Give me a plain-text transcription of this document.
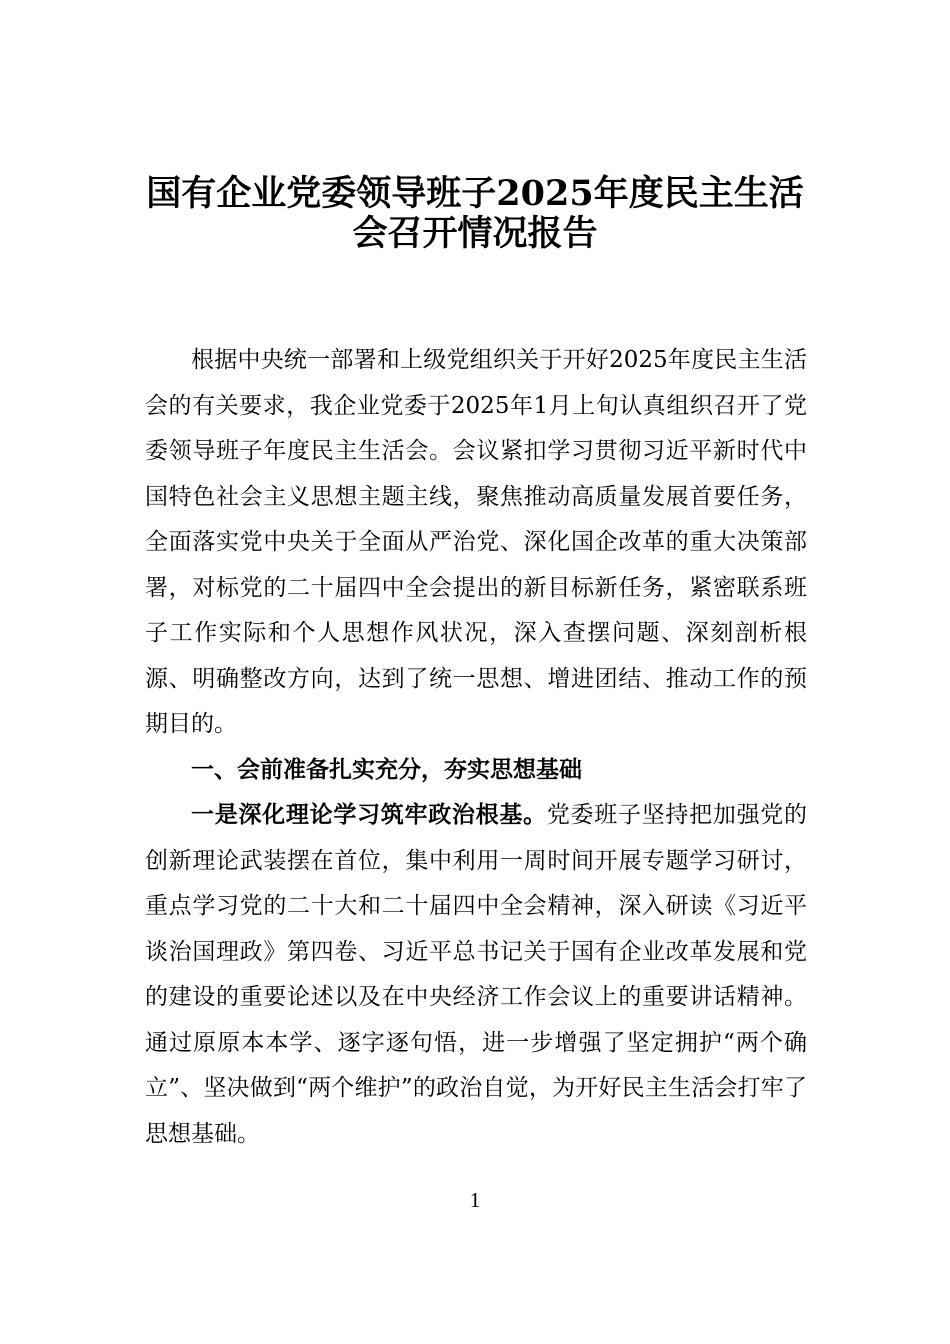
国有企业党委领导班子2025年度民主生活
会召开情况报告

根据中央统一部署和上级党组织关于开好2025年度民主生活会的有关要求，我企业党委于2025年1月上旬认真组织召开了党委领导班子年度民主生活会。会议紧扣学习贯彻习近平新时代中国特色社会主义思想主题主线，聚焦推动高质量发展首要任务，全面落实党中央关于全面从严治党、深化国企改革的重大决策部署，对标党的二十届四中全会提出的新目标新任务，紧密联系班子工作实际和个人思想作风状况，深入查摆问题、深刻剖析根源、明确整改方向，达到了统一思想、增进团结、推动工作的预期目的。

一、会前准备扎实充分，夯实思想基础

一是深化理论学习筑牢政治根基。党委班子坚持把加强党的创新理论武装摆在首位，集中利用一周时间开展专题学习研讨，重点学习党的二十大和二十届四中全会精神，深入研读《习近平谈治国理政》第四卷、习近平总书记关于国有企业改革发展和党的建设的重要论述以及在中央经济工作会议上的重要讲话精神。通过原原本本学、逐字逐句悟，进一步增强了坚定拥护“两个确立”、坚决做到“两个维护”的政治自觉，为开好民主生活会打牢了思想基础。

1
